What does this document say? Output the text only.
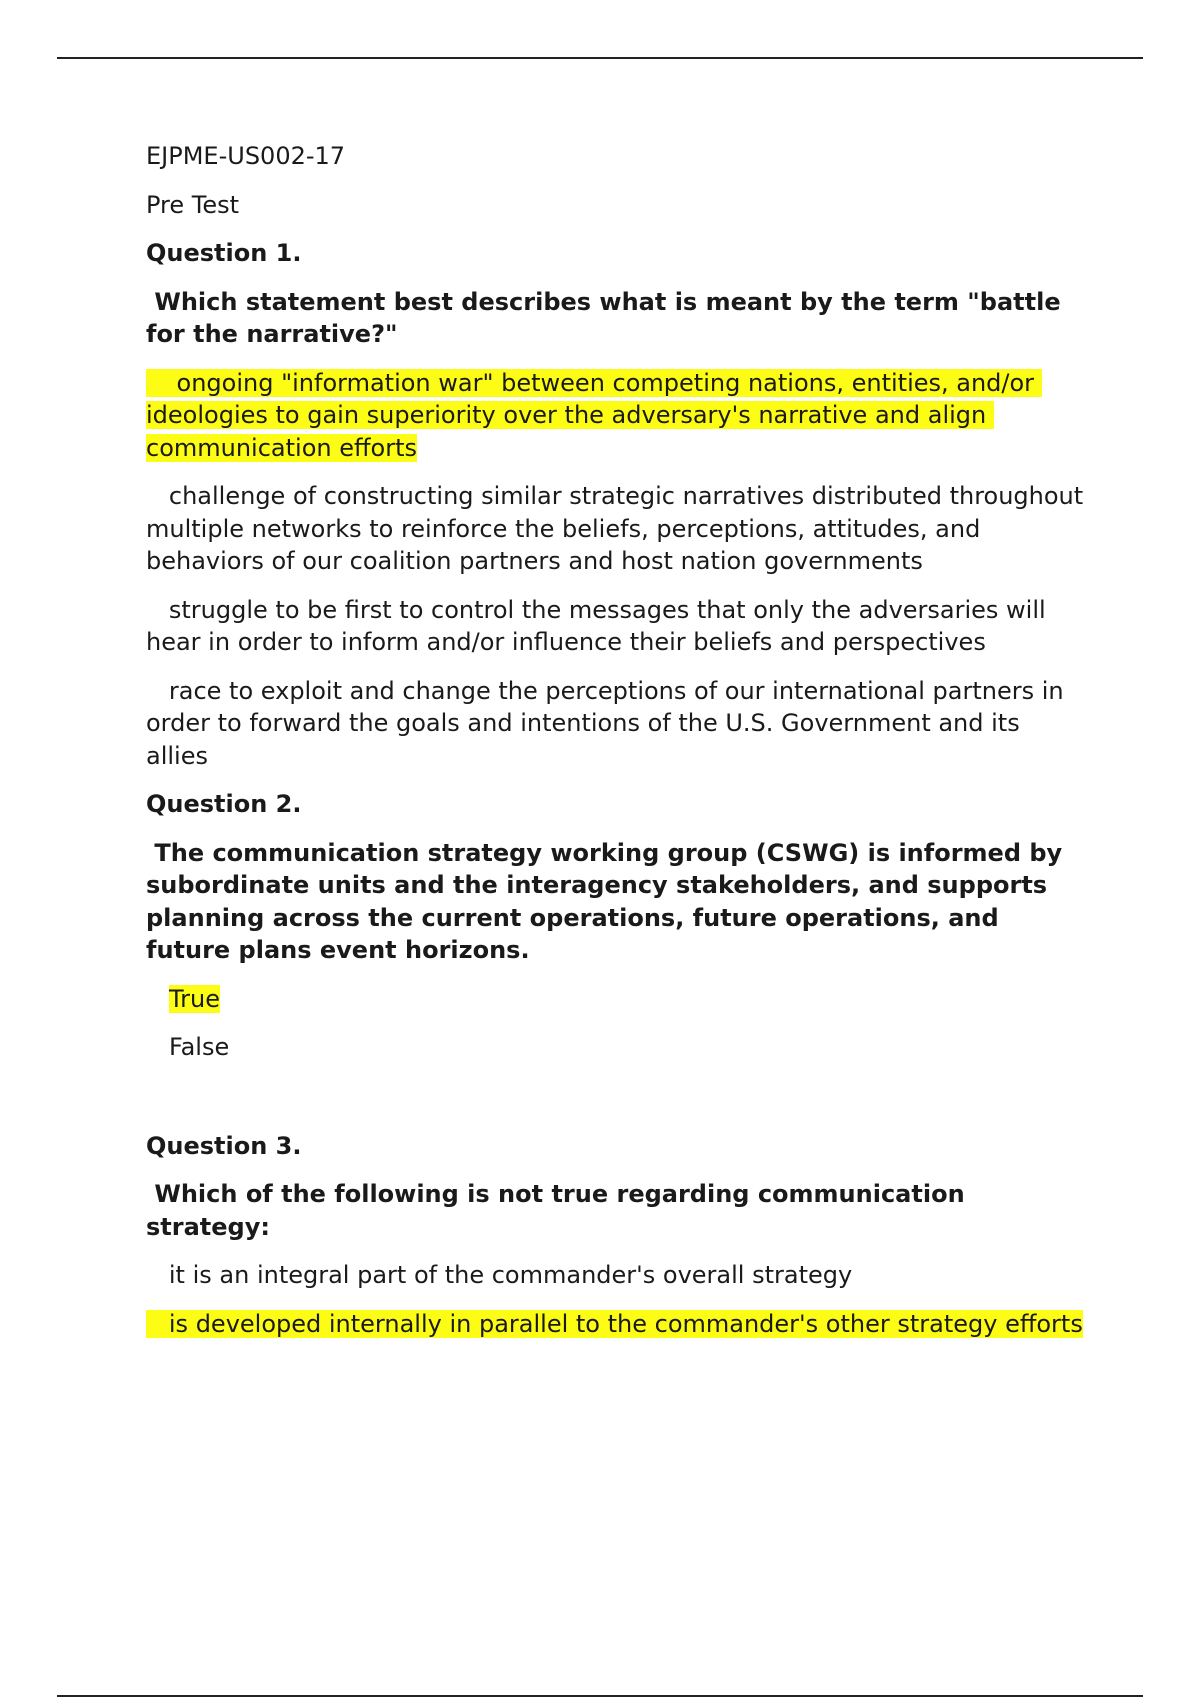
EJPME-US002-17

Pre Test

Question 1.

Which statement best describes what is meant by the term "battle for the narrative?"

ongoing "information war" between competing nations, entities, and/or ideologies to gain superiority over the adversary's narrative and align communication efforts

challenge of constructing similar strategic narratives distributed throughout multiple networks to reinforce the beliefs, perceptions, attitudes, and behaviors of our coalition partners and host nation governments

struggle to be first to control the messages that only the adversaries will hear in order to inform and/or influence their beliefs and perspectives

race to exploit and change the perceptions of our international partners in order to forward the goals and intentions of the U.S. Government and its allies

Question 2.

The communication strategy working group (CSWG) is informed by subordinate units and the interagency stakeholders, and supports planning across the current operations, future operations, and future plans event horizons.

True

False

Question 3.

Which of the following is not true regarding communication strategy:

it is an integral part of the commander's overall strategy

is developed internally in parallel to the commander's other strategy efforts
